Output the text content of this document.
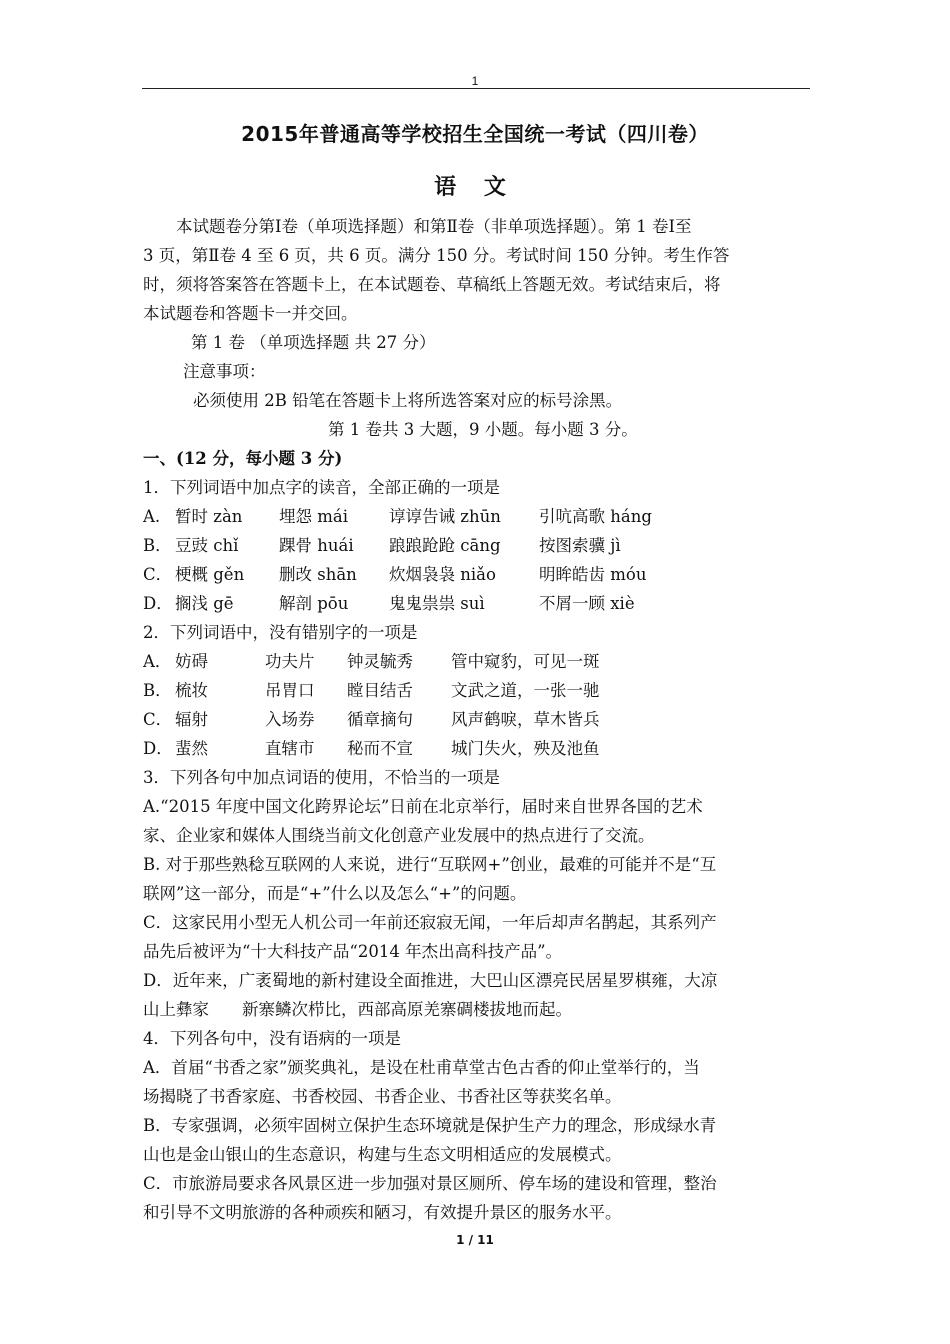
1
2015年普通高等学校招生全国统一考试（四川卷）
语 文
本试题卷分第Ⅰ卷（单项选择题）和第Ⅱ卷（非单项选择题）。第 1 卷Ⅰ至
3 页，第Ⅱ卷 4 至 6 页，共 6 页。满分 150 分。考试时间 150 分钟。考生作答
时，须将答案答在答题卡上，在本试题卷、草稿纸上答题无效。考试结束后，将
本试题卷和答题卡一并交回。
第 1 卷 （单项选择题 共 27 分）
注意事项：
必须使用 2B 铅笔在答题卡上将所选答案对应的标号涂黑。
第 1 卷共 3 大题，9 小题。每小题 3 分。
一、(12 分，每小题 3 分)
1．下列词语中加点字的读音，全部正确的一项是
A. 暂时 zàn	埋怨 mái	谆谆告诫 zhūn	引吭高歌 háng
B． 豆豉 chǐ	踝骨 huái	踉踉跄跄 cāng	按图索骥 jì
C． 梗概 gěn	删改 shān	炊烟袅袅 niǎo	明眸皓齿 móu
D． 搁浅 gē	解剖 pōu	鬼鬼祟祟 suì	不屑一顾 xiè
2．下列词语中，没有错别字的一项是
A． 妨碍	功夫片	钟灵毓秀	管中窥豹，可见一斑
B． 梳妆	吊胃口	瞠目结舌	文武之道，一张一驰
C． 辐射	入场券	循章摘句	风声鹤唳，草木皆兵
D． 蜚然	直辖市	秘而不宣	城门失火，殃及池鱼
3．下列各句中加点词语的使用，不恰当的一项是
A.“2015 年度中国文化跨界论坛”日前在北京举行，届时来自世界各国的艺术
家、企业家和媒体人围绕当前文化创意产业发展中的热点进行了交流。
B. 对于那些熟稔互联网的人来说，进行“互联网+”创业，最难的可能并不是“互
联网”这一部分，而是“+”什么以及怎么“+”的问题。
C．这家民用小型无人机公司一年前还寂寂无闻，一年后却声名鹊起，其系列产
品先后被评为“十大科技产品“2014 年杰出高科技产品”。
D．近年来，广袤蜀地的新村建设全面推进，大巴山区漂亮民居星罗棋雍，大凉
山上彝家　　新寨鳞次栉比，西部高原羌寨碉楼拔地而起。
4．下列各句中，没有语病的一项是
A．首届“书香之家”颁奖典礼，是设在杜甫草堂古色古香的仰止堂举行的，当
场揭晓了书香家庭、书香校园、书香企业、书香社区等获奖名单。
B．专家强调，必须牢固树立保护生态环境就是保护生产力的理念，形成绿水青
山也是金山银山的生态意识，构建与生态文明相适应的发展模式。
C．市旅游局要求各风景区进一步加强对景区厕所、停车场的建设和管理，整治
和引导不文明旅游的各种顽疾和陋习，有效提升景区的服务水平。
1 / 11
